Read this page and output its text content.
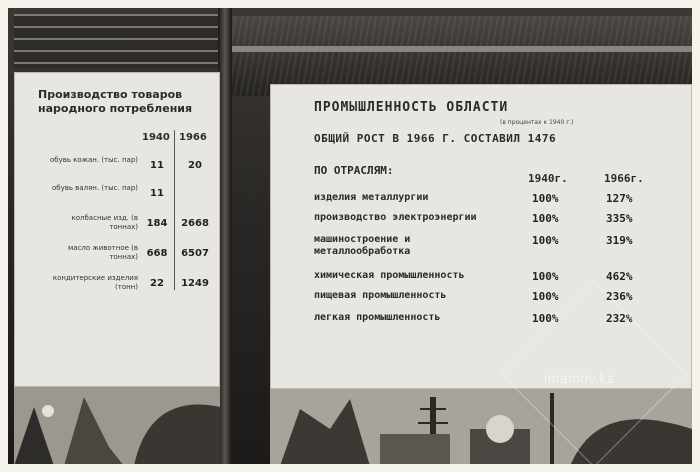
Производство товаров народного потребления
1940 1966
обувь кожан. (тыс. пар)	11	20
обувь валян. (тыс. пар)	11
колбасные изд. (в тоннах) 184	2668
масло животное (в тоннах) 668	6507
кондитерские изделия (тонн)	22	1249
ПРОМЫШЛЕННОСТЬ ОБЛАСТИ
(в процентах к 1940 г.)
ОБЩИЙ РОСТ В 1966 Г. СОСТАВИЛ 1476
ПО ОТРАСЛЯМ:
1940г.	1966г.
изделия металлургии	100%	127%
производство электроэнергии	100%	335%
машиностроение и металлообработка
100%	319%
химическая промышленность	100%	462%
пищевая промышленность	100%	236%
легкая промышленность	100%	232%
imamov.kz
